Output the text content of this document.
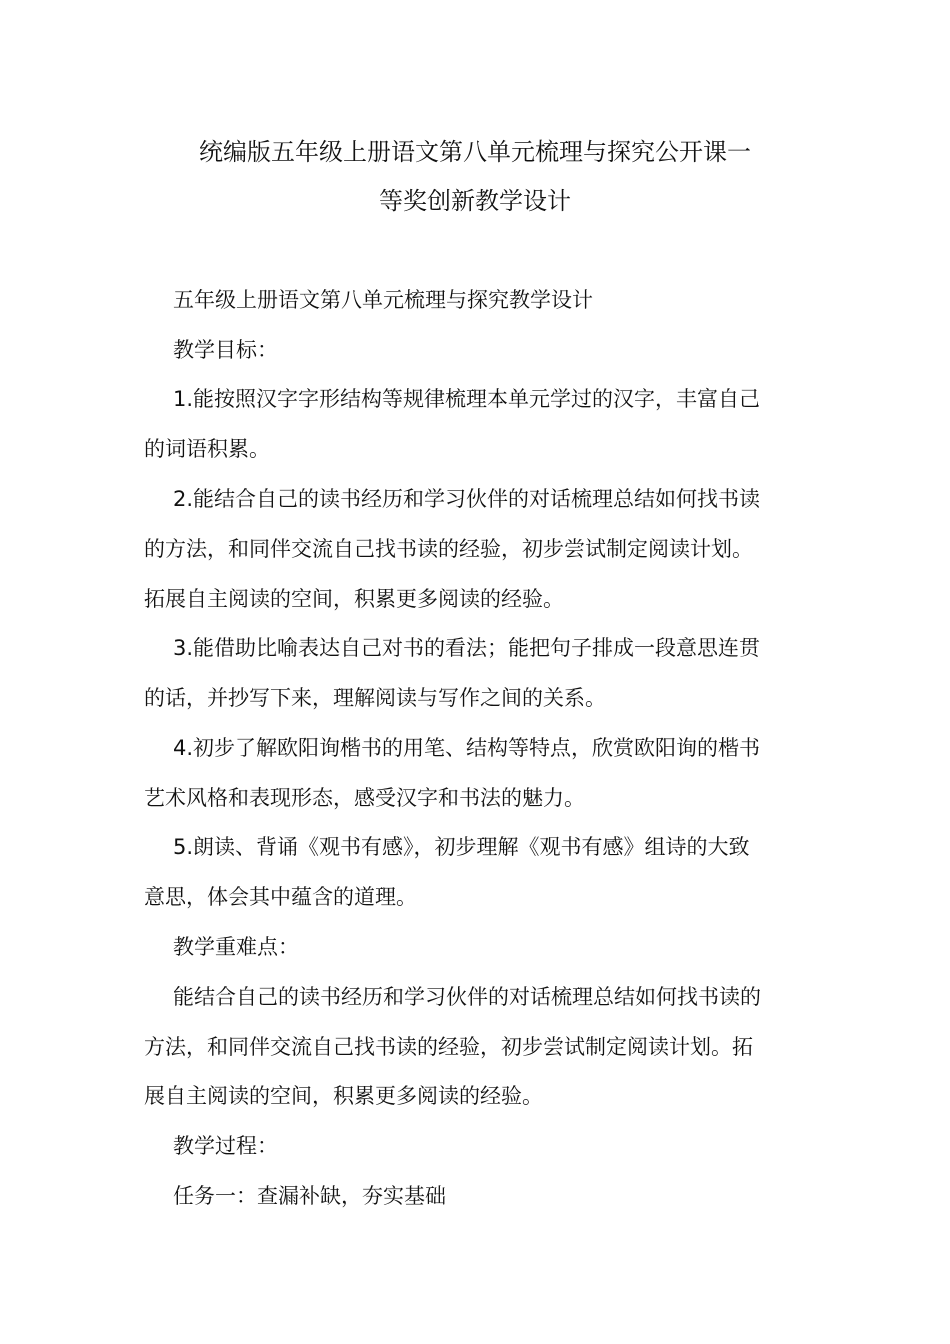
统编版五年级上册语文第八单元梳理与探究公开课一
等奖创新教学设计
五年级上册语文第八单元梳理与探究教学设计
教学目标：
1.能按照汉字字形结构等规律梳理本单元学过的汉字，丰富自己
的词语积累。
2.能结合自己的读书经历和学习伙伴的对话梳理总结如何找书读
的方法，和同伴交流自己找书读的经验，初步尝试制定阅读计划。
拓展自主阅读的空间，积累更多阅读的经验。
3.能借助比喻表达自己对书的看法；能把句子排成一段意思连贯
的话，并抄写下来，理解阅读与写作之间的关系。
4.初步了解欧阳询楷书的用笔、结构等特点，欣赏欧阳询的楷书
艺术风格和表现形态，感受汉字和书法的魅力。
5.朗读、背诵《观书有感》，初步理解《观书有感》组诗的大致
意思，体会其中蕴含的道理。
教学重难点：
能结合自己的读书经历和学习伙伴的对话梳理总结如何找书读的
方法，和同伴交流自己找书读的经验，初步尝试制定阅读计划。拓
展自主阅读的空间，积累更多阅读的经验。
教学过程：
任务一：查漏补缺，夯实基础
